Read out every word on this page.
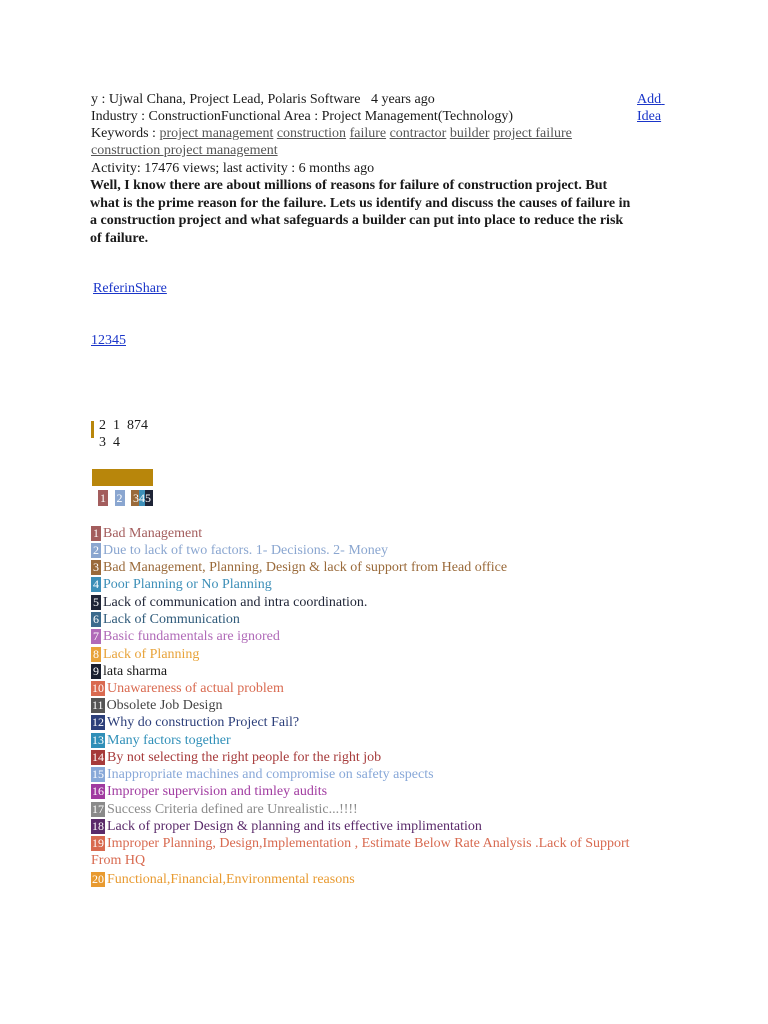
y : Ujwal Chana, Project Lead, Polaris Software 4 years ago	Add
Idea
Industry : ConstructionFunctional Area : Project Management(Technology)
Keywords : project management construction failure contractor builder project failure
construction project management
Activity: 17476 views; last activity : 6 months ago
Well, I know there are about millions of reasons for failure of construction project. But what is the prime reason for the failure. Lets us identify and discuss the causes of failure in a construction project and what safeguards a builder can put into place to reduce the risk of failure.
ReferinShare
12345
2  1  874
3  4
1 2 345
1 Bad Management
2 Due to lack of two factors. 1- Decisions. 2- Money
3 Bad Management, Planning, Design & lack of support from Head office
4 Poor Planning or No Planning
5 Lack of communication and intra coordination.
6 Lack of Communication
7 Basic fundamentals are ignored
8 Lack of Planning
9 lata sharma
10 Unawareness of actual problem
11 Obsolete Job Design
12 Why do construction Project Fail?
13 Many factors together
14 By not selecting the right people for the right job
15 Inappropriate machines and compromise on safety aspects
16 Improper supervision and timley audits
17 Success Criteria defined are Unrealistic...!!!!
18 Lack of proper Design & planning and its effective implimentation
19 Improper Planning, Design,Implementation , Estimate Below Rate Analysis .Lack of Support From HQ
20 Functional,Financial,Environmental reasons
